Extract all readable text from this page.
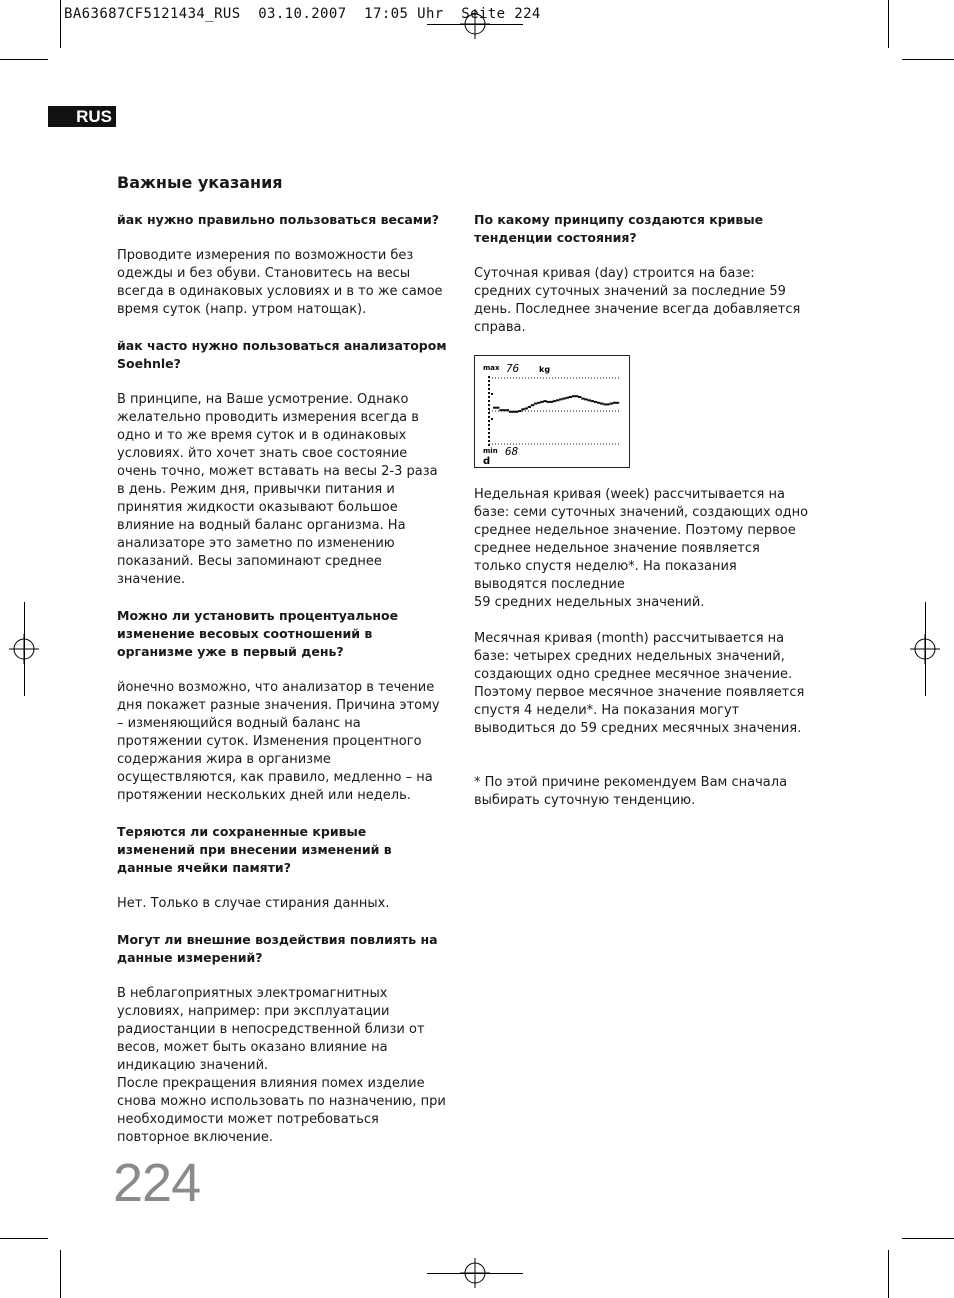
BA63687CF5121434_RUS  03.10.2007  17:05 Uhr  Seite 224
RUS
Важные указания

йак нужно правильно пользоваться весами?

Проводите измерения по возможности без одежды и без обуви. Становитесь на весы всегда в одинаковых условиях и в то же самое время суток (напр. утром натощак).

йак часто нужно пользоваться анализатором Soehnle?

В принципе, на Ваше усмотрение. Однако желательно проводить измерения всегда в одно и то же время суток и в одинаковых условиях. йто хочет знать свое состояние очень точно, может вставать на весы 2-3 раза в день. Режим дня, привычки питания и принятия жидкости оказывают большое влияние на водный баланс организма. На анализаторе это заметно по изменению показаний. Весы запоминают среднее значение.

Можно ли установить процентуальное изменение весовых соотношений в организме уже в первый день?

йонечно возможно, что анализатор в течение дня покажет разные значения. Причина этому – изменяющийся водный баланс на протяжении суток. Изменения процентного содержания жира в организме осуществляются, как правило, медленно – на протяжении нескольких дней или недель.

Теряются ли сохраненные кривые изменений при внесении изменений в данные ячейки памяти?

Нет. Только в случае стирания данных.

Могут ли внешние воздействия повлиять на данные измерений?

В неблагоприятных электромагнитных условиях, например: при эксплуатации радиостанции в непосредственной близи от весов, может быть оказано влияние на индикацию значений.
После прекращения влияния помех изделие снова можно использовать по назначению, при необходимости может потребоваться повторное включение.

По какому принципу создаются кривые тенденции состояния?

Суточная кривая (day) строится на базе:
средних суточных значений за последние 59 день. Последнее значение всегда добавляется справа.

max 76 kg
min 68
d

Недельная кривая (week) рассчитывается на базе: семи суточных значений, создающих одно среднее недельное значение. Поэтому первое среднее недельное значение появляется только спустя неделю*. На показания выводятся последние
59 средних недельных значений.

Месячная кривая (month) рассчитывается на базе: четырех средних недельных значений, создающих одно среднее месячное значение. Поэтому первое месячное значение появляется спустя 4 недели*. На показания могут выводиться до 59 средних месячных значения.

* По этой причине рекомендуем Вам сначала выбирать суточную тенденцию.

224
